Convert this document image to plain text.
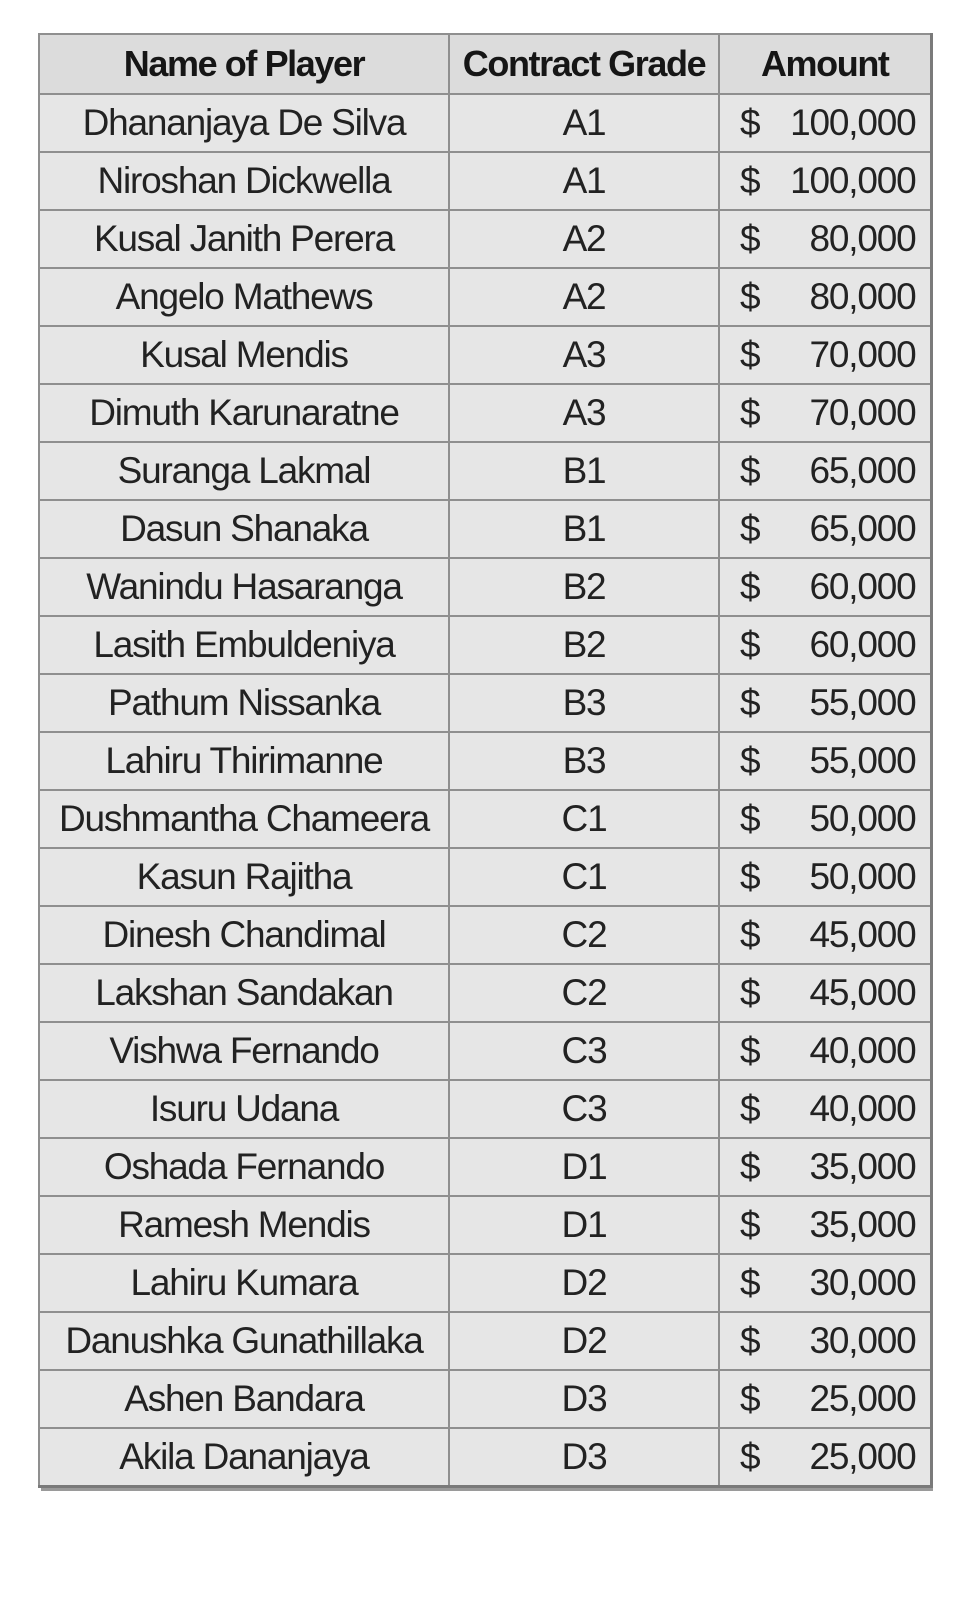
Name of Player	Contract Grade	Amount
Dhananjaya De Silva	A1	$ 100,000

Niroshan Dickwella	A1	$ 100,000

Kusal Janith Perera	A2	$ 80,000

Angelo Mathews	A2	$ 80,000

Kusal Mendis	A3	$ 70,000

Dimuth Karunaratne	A3	$ 70,000

Suranga Lakmal	B1	$ 65,000

Dasun Shanaka	B1	$ 65,000

Wanindu Hasaranga	B2	$ 60,000

Lasith Embuldeniya	B2	$ 60,000

Pathum Nissanka	B3	$ 55,000

Lahiru Thirimanne	B3	$ 55,000

Dushmantha Chameera	C1	$ 50,000

Kasun Rajitha	C1	$ 50,000

Dinesh Chandimal	C2	$ 45,000

Lakshan Sandakan	C2	$ 45,000

Vishwa Fernando	C3	$ 40,000

Isuru Udana	C3	$ 40,000

Oshada Fernando	D1	$ 35,000

Ramesh Mendis	D1	$ 35,000

Lahiru Kumara	D2	$ 30,000

Danushka Gunathillaka	D2	$ 30,000

Ashen Bandara	D3	$ 25,000

Akila Dananjaya	D3	$ 25,000
